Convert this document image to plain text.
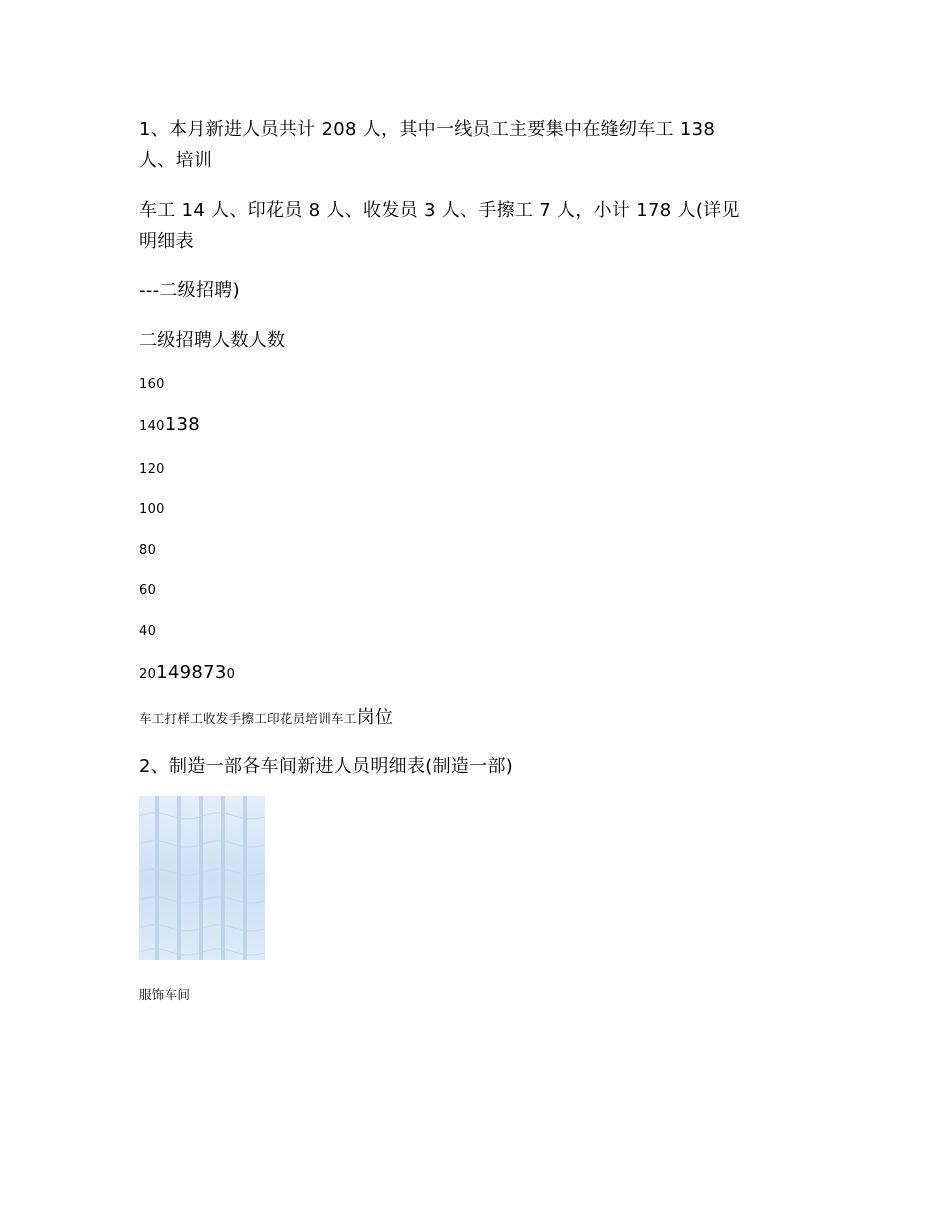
1、本月新进人员共计 208 人，其中一线员工主要集中在缝纫车工 138
人、培训
车工 14 人、印花员 8 人、收发员 3 人、手擦工 7 人，小计 178 人(详见
明细表
---二级招聘)
二级招聘人数人数
160
140138
120
100
80
60
40
201498730
车工打样工收发手擦工印花员培训车工岗位
2、制造一部各车间新进人员明细表(制造一部)
服饰车间
